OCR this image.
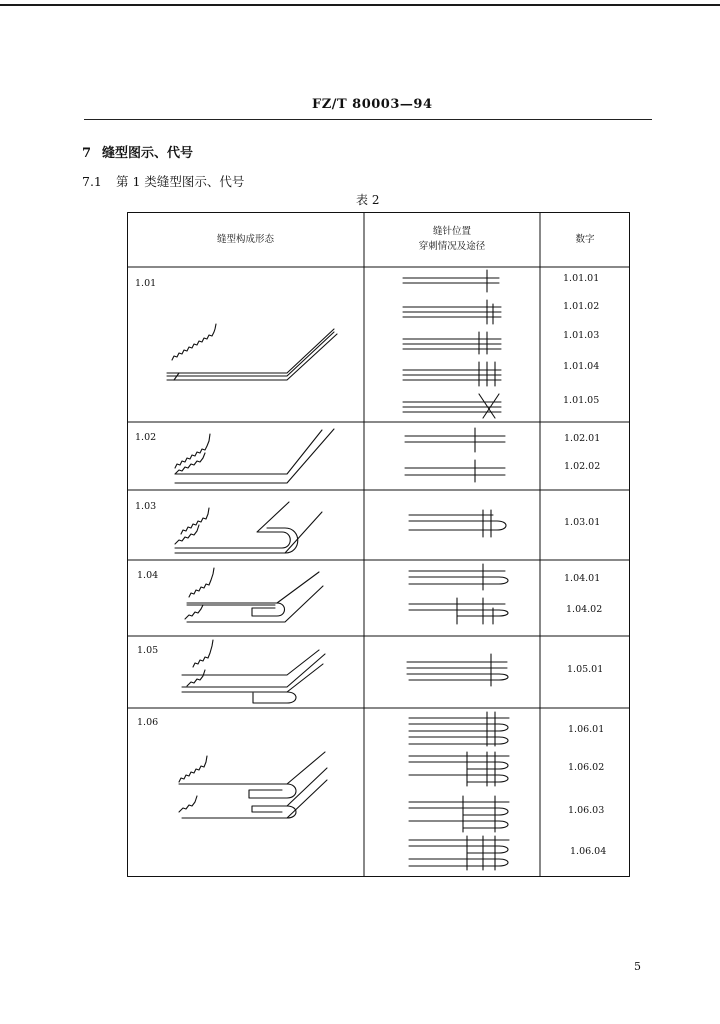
FZ/T 80003—94
7 缝型图示、代号
7.1 第 1 类缝型图示、代号
表 2
缝型构成形态
缝针位置
穿刺情况及途径
数字
1.01
1.02
1.03
1.04
1.05
1.06
1.01.01
1.01.02
1.01.03
1.01.04
1.01.05
1.02.01
1.02.02
1.03.01
1.04.01
1.04.02
1.05.01
1.06.01
1.06.02
1.06.03
1.06.04
5
